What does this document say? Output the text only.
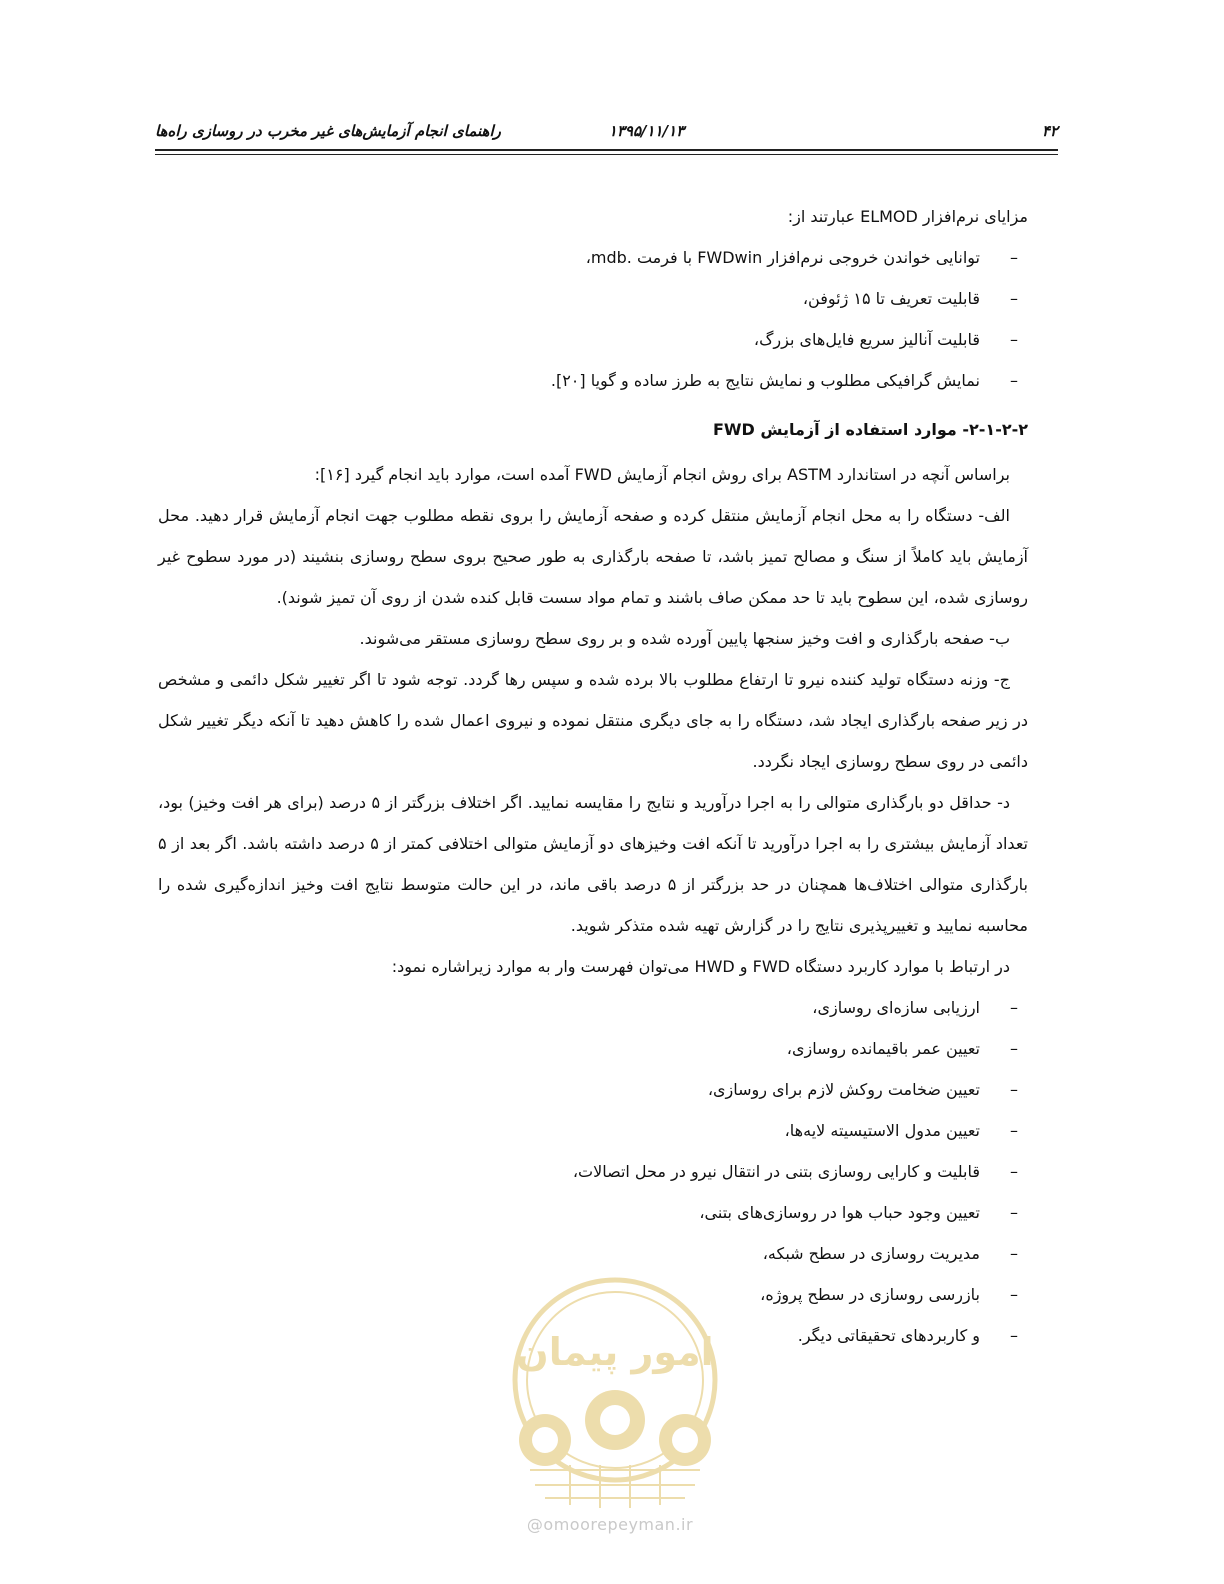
۴۲
۱۳۹۵/۱۱/۱۳
راهنمای انجام آزمایش‌های غیر مخرب در روسازی راه‌ها

مزایای نرم‌افزار ELMOD عبارتند از:

–
توانایی خواندن خروجی نرم‌افزار FWDwin با فرمت .mdb،
–
قابلیت تعریف تا ۱۵ ژئوفن،
–
قابلیت آنالیز سریع فایل‌های بزرگ،
–
نمایش گرافیکی مطلوب و نمایش نتایج به طرز ساده و گویا [۲۰].

۲-۱-۲-۲- موارد استفاده از آزمایش FWD

براساس آنچه در استاندارد ASTM برای روش انجام آزمایش FWD آمده است، موارد باید انجام گیرد [۱۶]:

الف- دستگاه را به محل انجام آزمایش منتقل کرده و صفحه آزمایش را بروی نقطه مطلوب جهت انجام آزمایش قرار دهید. محل آزمایش باید کاملاً از سنگ و مصالح تمیز باشد، تا صفحه بارگذاری به طور صحیح بروی سطح روسازی بنشیند (در مورد سطوح غیر روسازی شده، این سطوح باید تا حد ممکن صاف باشند و تمام مواد سست قابل کنده شدن از روی آن تمیز شوند).

ب- صفحه بارگذاری و افت وخیز سنجها پایین آورده شده و بر روی سطح روسازی مستقر می‌شوند.

ج- وزنه دستگاه تولید کننده نیرو تا ارتفاع مطلوب بالا برده شده و سپس رها گردد. توجه شود تا اگر تغییر شکل دائمی و مشخص در زیر صفحه بارگذاری ایجاد شد، دستگاه را به جای دیگری منتقل نموده و نیروی اعمال شده را کاهش دهید تا آنکه دیگر تغییر شکل دائمی در روی سطح روسازی ایجاد نگردد.

د- حداقل دو بارگذاری متوالی را به اجرا درآورید و نتایج را مقایسه نمایید. اگر اختلاف بزرگتر از ۵ درصد (برای هر افت وخیز) بود، تعداد آزمایش بیشتری را به اجرا درآورید تا آنکه افت وخیزهای دو آزمایش متوالی اختلافی کمتر از ۵ درصد داشته باشد. اگر بعد از ۵ بارگذاری متوالی اختلاف‌ها همچنان در حد بزرگتر از ۵ درصد باقی ماند، در این حالت متوسط نتایج افت وخیز اندازه‌گیری شده را محاسبه نمایید و تغییرپذیری نتایج را در گزارش تهیه شده متذکر شوید.

در ارتباط با موارد کاربرد دستگاه FWD و HWD می‌توان فهرست وار به موارد زیراشاره نمود:

–
ارزیابی سازه‌ای روسازی،
–
تعیین عمر باقیمانده روسازی،
–
تعیین ضخامت روکش لازم برای روسازی،
–
تعیین مدول الاستیسیته لایه‌ها،
–
قابلیت و کارایی روسازی بتنی در انتقال نیرو در محل اتصالات،
–
تعیین وجود حباب هوا در روسازی‌های بتنی،
–
مدیریت روسازی در سطح شبکه،
–
بازرسی روسازی در سطح پروژه،
–
و کاربردهای تحقیقاتی دیگر.
امور پیمان
@omoorepeyman.ir
